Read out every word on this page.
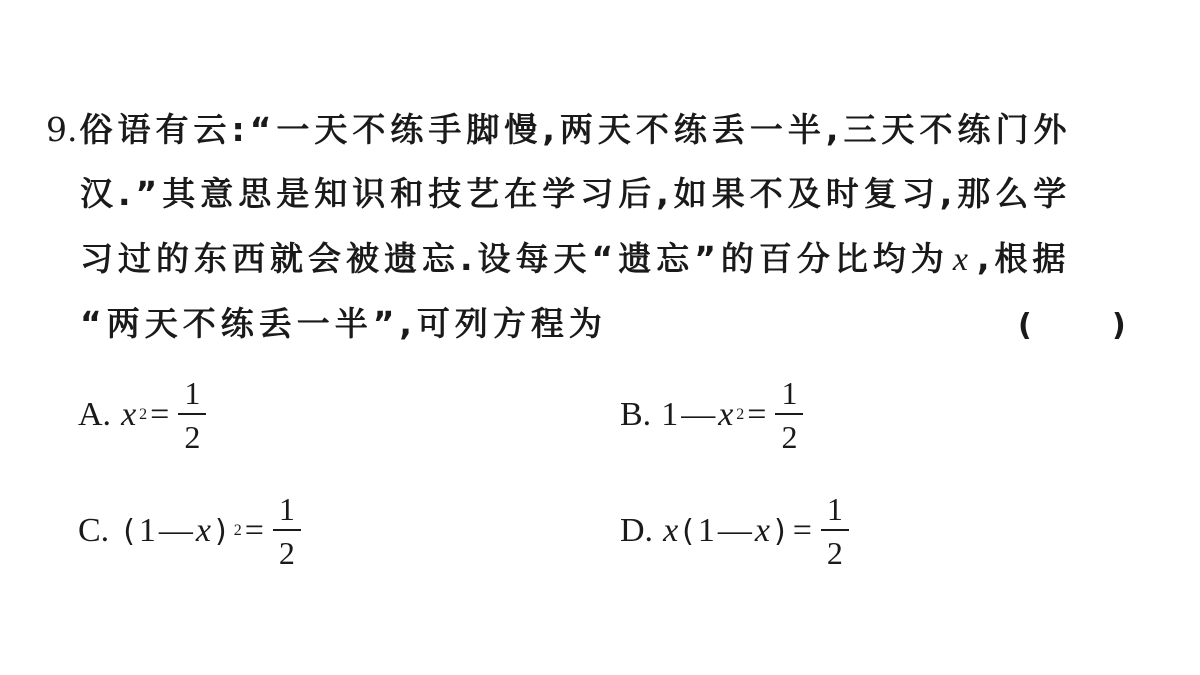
9.俗语有云:“一天不练手脚慢,两天不练丢一半,三天不练门外
汉.”其意思是知识和技艺在学习后,如果不及时复习,那么学
习过的东西就会被遗忘.设每天“遗忘”的百分比均为 x ,根据
“两天不练丢一半”,可列方程为	(	)
A. x $2 = \frac{1}{2}$	B. 1 — x $2 = \frac{1}{2}$
C. ( 1 — x ) $2 = \frac{1}{2}$	D. x ( 1 — x ) = $\frac{1}{2}$
